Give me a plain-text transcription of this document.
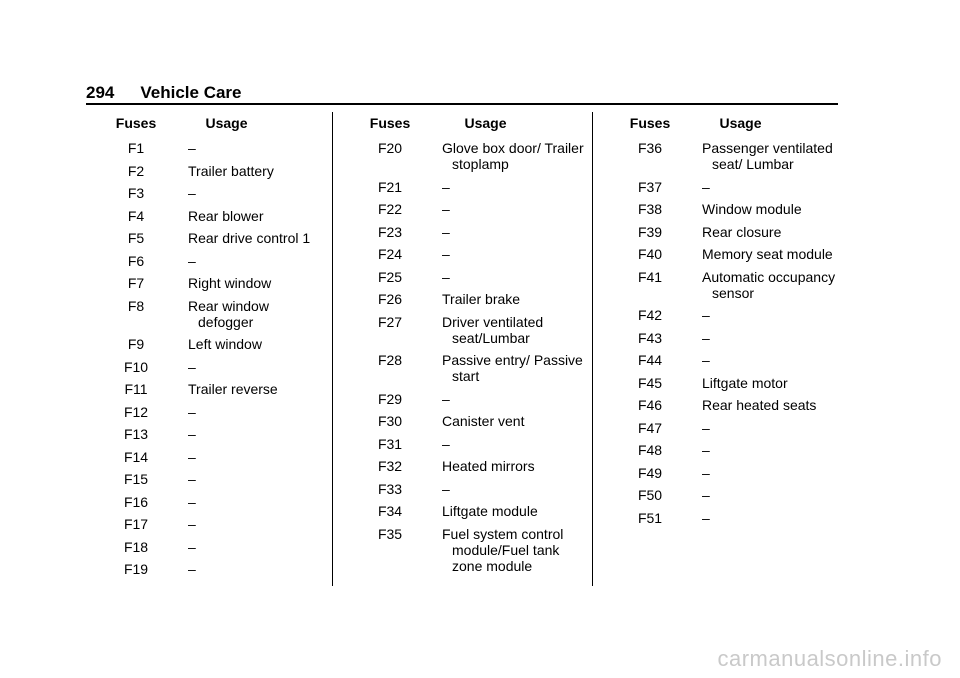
294 Vehicle Care
Fuses	Usage
F1	–
F2	Trailer battery
F3	–
F4	Rear blower
F5	Rear drive control 1
F6	–
F7	Right window
F8	Rear window defogger
F9	Left window
F10	–
F11	Trailer reverse
F12	–
F13	–
F14	–
F15	–
F16	–
F17	–
F18	–
F19	–
Fuses	Usage
F20	Glove box door/ Trailer stoplamp
F21	–
F22	–
F23	–
F24	–
F25	–
F26	Trailer brake
F27	Driver ventilated seat/Lumbar
F28	Passive entry/ Passive start
F29	–
F30	Canister vent
F31	–
F32	Heated mirrors
F33	–
F34	Liftgate module
F35	Fuel system control module/Fuel tank zone module
Fuses	Usage
F36	Passenger ventilated seat/ Lumbar
F37	–
F38	Window module
F39	Rear closure
F40	Memory seat module
F41	Automatic occupancy sensor
F42	–
F43	–
F44	–
F45	Liftgate motor
F46	Rear heated seats
F47	–
F48	–
F49	–
F50	–
F51	–
carmanualsonline.info
